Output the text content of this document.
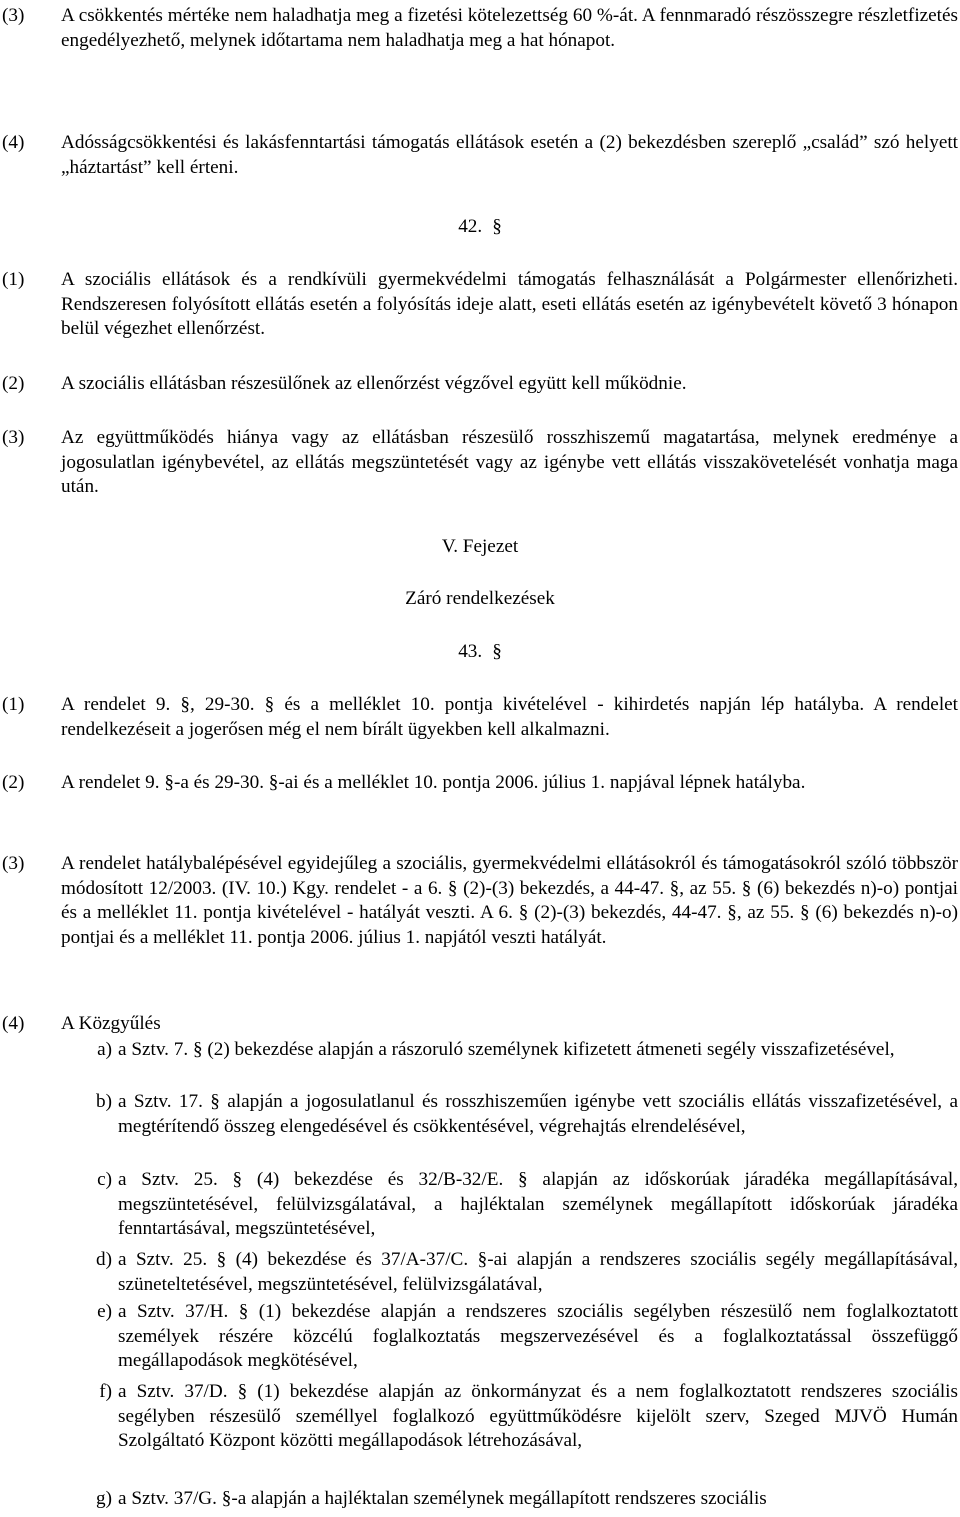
(3)	A csökkentés mértéke nem haladhatja meg a fizetési kötelezettség 60 %-át. A fennmaradó részösszegre részletfizetés engedélyezhető, melynek időtartama nem haladhatja meg a hat hónapot.
(4)	Adósságcsökkentési és lakásfenntartási támogatás ellátások esetén a (2) bekezdésben szereplő „család” szó helyett „háztartást” kell érteni.
42. §
(1)	A szociális ellátások és a rendkívüli gyermekvédelmi támogatás felhasználását a Polgármester ellenőrizheti. Rendszeresen folyósított ellátás esetén a folyósítás ideje alatt, eseti ellátás esetén az igénybevételt követő 3 hónapon belül végezhet ellenőrzést.
(2)	A szociális ellátásban részesülőnek az ellenőrzést végzővel együtt kell működnie.
(3)	Az együttműködés hiánya vagy az ellátásban részesülő rosszhiszemű magatartása, melynek eredménye a jogosulatlan igénybevétel, az ellátás megszüntetését vagy az igénybe vett ellátás visszakövetelését vonhatja maga után.
V. Fejezet
Záró rendelkezések
43. §
(1)	A rendelet 9. §, 29-30. § és a melléklet 10. pontja kivételével - kihirdetés napján lép hatályba. A rendelet rendelkezéseit a jogerősen még el nem bírált ügyekben kell alkalmazni.
(2)	A rendelet 9. §-a és 29-30. §-ai és a melléklet 10. pontja 2006. július 1. napjával lépnek hatályba.
(3)	A rendelet hatálybalépésével egyidejűleg a szociális, gyermekvédelmi ellátásokról és támogatásokról szóló többször módosított 12/2003. (IV. 10.) Kgy. rendelet - a 6. § (2)-(3) bekezdés, a 44-47. §, az 55. § (6) bekezdés n)-o) pontjai és a melléklet 11. pontja kivételével - hatályát veszti. A 6. § (2)-(3) bekezdés, 44-47. §, az 55. § (6) bekezdés n)-o) pontjai és a melléklet 11. pontja 2006. július 1. napjától veszti hatályát.
(4)	A Közgyűlés
a) a Sztv. 7. § (2) bekezdése alapján a rászoruló személynek kifizetett átmeneti segély visszafizetésével,
b) a Sztv. 17. § alapján a jogosulatlanul és rosszhiszeműen igénybe vett szociális ellátás visszafizetésével, a megtérítendő összeg elengedésével és csökkentésével, végrehajtás elrendelésével,
c) a Sztv. 25. § (4) bekezdése és 32/B-32/E. § alapján az időskorúak járadéka megállapításával, megszüntetésével, felülvizsgálatával, a hajléktalan személynek megállapított időskorúak járadéka fenntartásával, megszüntetésével,
d) a Sztv. 25. § (4) bekezdése és 37/A-37/C. §-ai alapján a rendszeres szociális segély megállapításával, szüneteltetésével, megszüntetésével, felülvizsgálatával,
e) a Sztv. 37/H. § (1) bekezdése alapján a rendszeres szociális segélyben részesülő nem foglalkoztatott személyek részére közcélú foglalkoztatás megszervezésével és a foglalkoztatással összefüggő megállapodások megkötésével,
f) a Sztv. 37/D. § (1) bekezdése alapján az önkormányzat és a nem foglalkoztatott rendszeres szociális segélyben részesülő személlyel foglalkozó együttműködésre kijelölt szerv, Szeged MJVÖ Humán Szolgáltató Központ közötti megállapodások létrehozásával,
g) a Sztv. 37/G. §-a alapján a hajléktalan személynek megállapított rendszeres szociális
